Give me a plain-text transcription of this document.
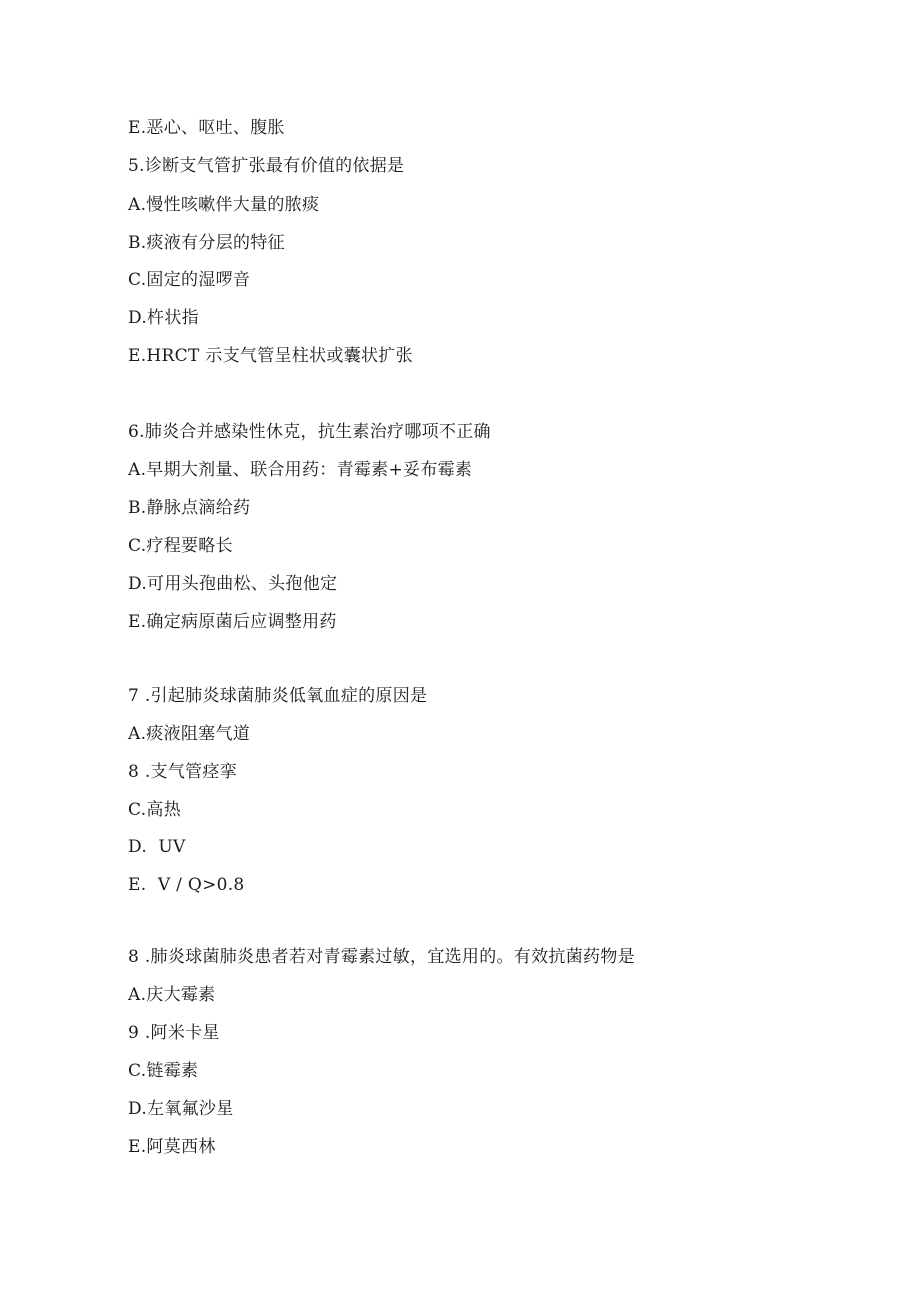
E.恶心、呕吐、腹胀
5.诊断支气管扩张最有价值的依据是
A.慢性咳嗽伴大量的脓痰
B.痰液有分层的特征
C.固定的湿啰音
D.杵状指
E.HRCT 示支气管呈柱状或囊状扩张
6.肺炎合并感染性休克，抗生素治疗哪项不正确
A.早期大剂量、联合用药：青霉素+妥布霉素
B.静脉点滴给药
C.疗程要略长
D.可用头孢曲松、头孢他定
E.确定病原菌后应调整用药
7 .引起肺炎球菌肺炎低氧血症的原因是
A.痰液阻塞气道
8 .支气管痉挛
C.高热
D.  UV
E.  V / Q>0.8
8 .肺炎球菌肺炎患者若对青霉素过敏，宜选用的。有效抗菌药物是
A.庆大霉素
9 .阿米卡星
C.链霉素
D.左氧氟沙星
E.阿莫西林
